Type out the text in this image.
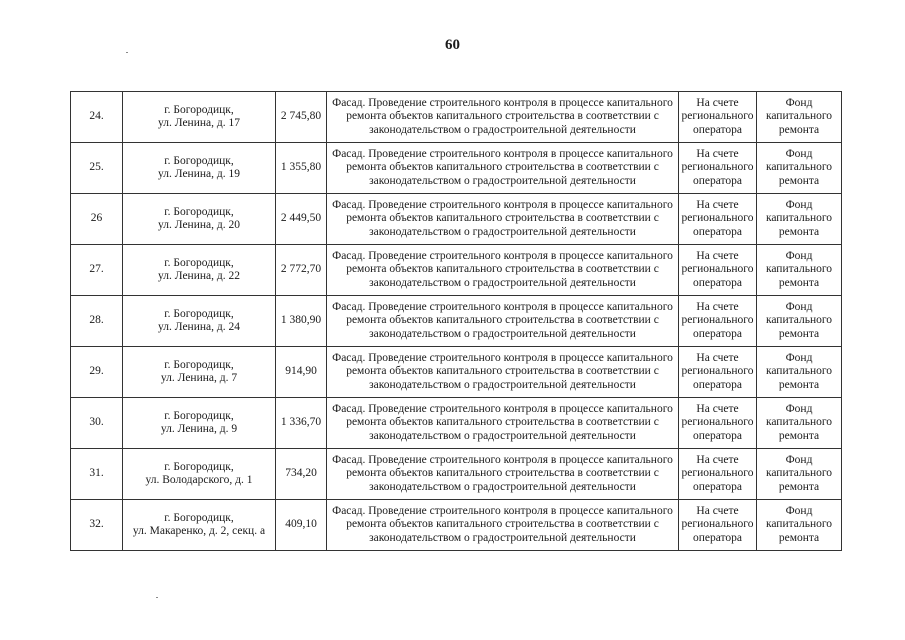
60
24.	г. Богородицк,
ул. Ленина, д. 17	2 745,80	Фасад. Проведение строительного контроля в процессе капитального
ремонта объектов капитального строительства в соответствии с
законодательством о градостроительной деятельности	На счете
регионального
оператора	Фонд
капитального
ремонта

25.	г. Богородицк,
ул. Ленина, д. 19	1 355,80	Фасад. Проведение строительного контроля в процессе капитального
ремонта объектов капитального строительства в соответствии с
законодательством о градостроительной деятельности	На счете
регионального
оператора	Фонд
капитального
ремонта

26	г. Богородицк,
ул. Ленина, д. 20	2 449,50	Фасад. Проведение строительного контроля в процессе капитального
ремонта объектов капитального строительства в соответствии с
законодательством о градостроительной деятельности	На счете
регионального
оператора	Фонд
капитального
ремонта

27.	г. Богородицк,
ул. Ленина, д. 22	2 772,70	Фасад. Проведение строительного контроля в процессе капитального
ремонта объектов капитального строительства в соответствии с
законодательством о градостроительной деятельности	На счете
регионального
оператора	Фонд
капитального
ремонта

28.	г. Богородицк,
ул. Ленина, д. 24	1 380,90	Фасад. Проведение строительного контроля в процессе капитального
ремонта объектов капитального строительства в соответствии с
законодательством о градостроительной деятельности	На счете
регионального
оператора	Фонд
капитального
ремонта

29.	г. Богородицк,
ул. Ленина, д. 7	914,90	Фасад. Проведение строительного контроля в процессе капитального
ремонта объектов капитального строительства в соответствии с
законодательством о градостроительной деятельности	На счете
регионального
оператора	Фонд
капитального
ремонта

30.	г. Богородицк,
ул. Ленина, д. 9	1 336,70	Фасад. Проведение строительного контроля в процессе капитального
ремонта объектов капитального строительства в соответствии с
законодательством о градостроительной деятельности	На счете
регионального
оператора	Фонд
капитального
ремонта

31.	г. Богородицк,
ул. Володарского, д. 1	734,20	Фасад. Проведение строительного контроля в процессе капитального
ремонта объектов капитального строительства в соответствии с
законодательством о градостроительной деятельности	На счете
регионального
оператора	Фонд
капитального
ремонта

32.	г. Богородицк,
ул. Макаренко, д. 2, секц. а	409,10	Фасад. Проведение строительного контроля в процессе капитального
ремонта объектов капитального строительства в соответствии с
законодательством о градостроительной деятельности	На счете
регионального
оператора	Фонд
капитального
ремонта
